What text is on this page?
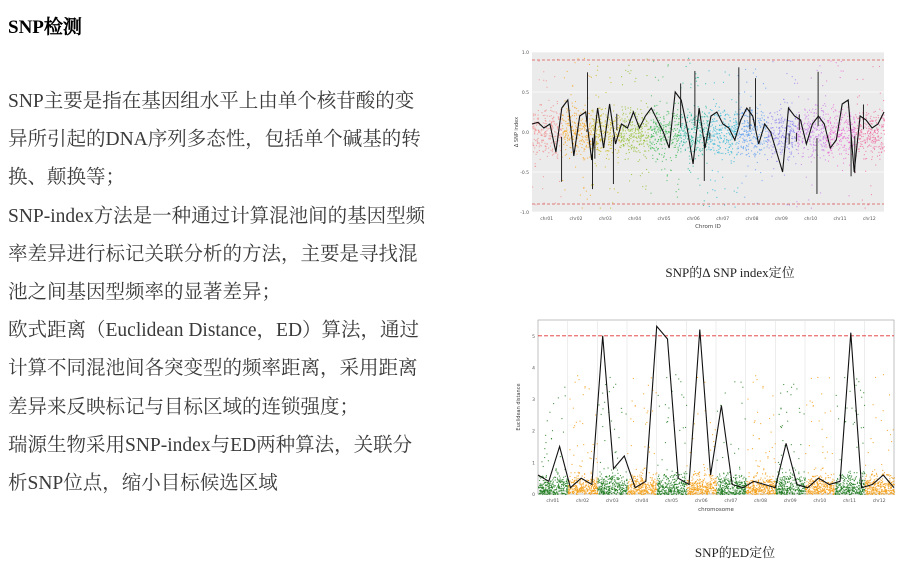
SNP检测

SNP主要是指在基因组水平上由单个核苷酸的变异所引起的DNA序列多态性，包括单个碱基的转换、颠换等；

SNP-index方法是一种通过计算混池间的基因型频率差异进行标记关联分析的方法，主要是寻找混池之间基因型频率的显著差异；

欧式距离（Euclidean Distance，ED）算法，通过计算不同混池间各突变型的频率距离，采用距离差异来反映标记与目标区域的连锁强度；

瑞源生物采用SNP-index与ED两种算法，关联分析SNP位点，缩小目标候选区域

-1.0
-0.5
0.0
0.5
1.0
chr01	chr02	chr03	chr04	chr05	chr06	chr07	chr08	chr09	chr10	chr11	chr12
Δ SNP index
Chrom ID
SNP的Δ SNP index定位
0
1
2
3
4
5
chr01	chr02	chr03	chr04	chr05	chr06	chr07	chr08	chr09	chr10	chr11	chr12
Euclidean distance
chromosome
SNP的ED定位
